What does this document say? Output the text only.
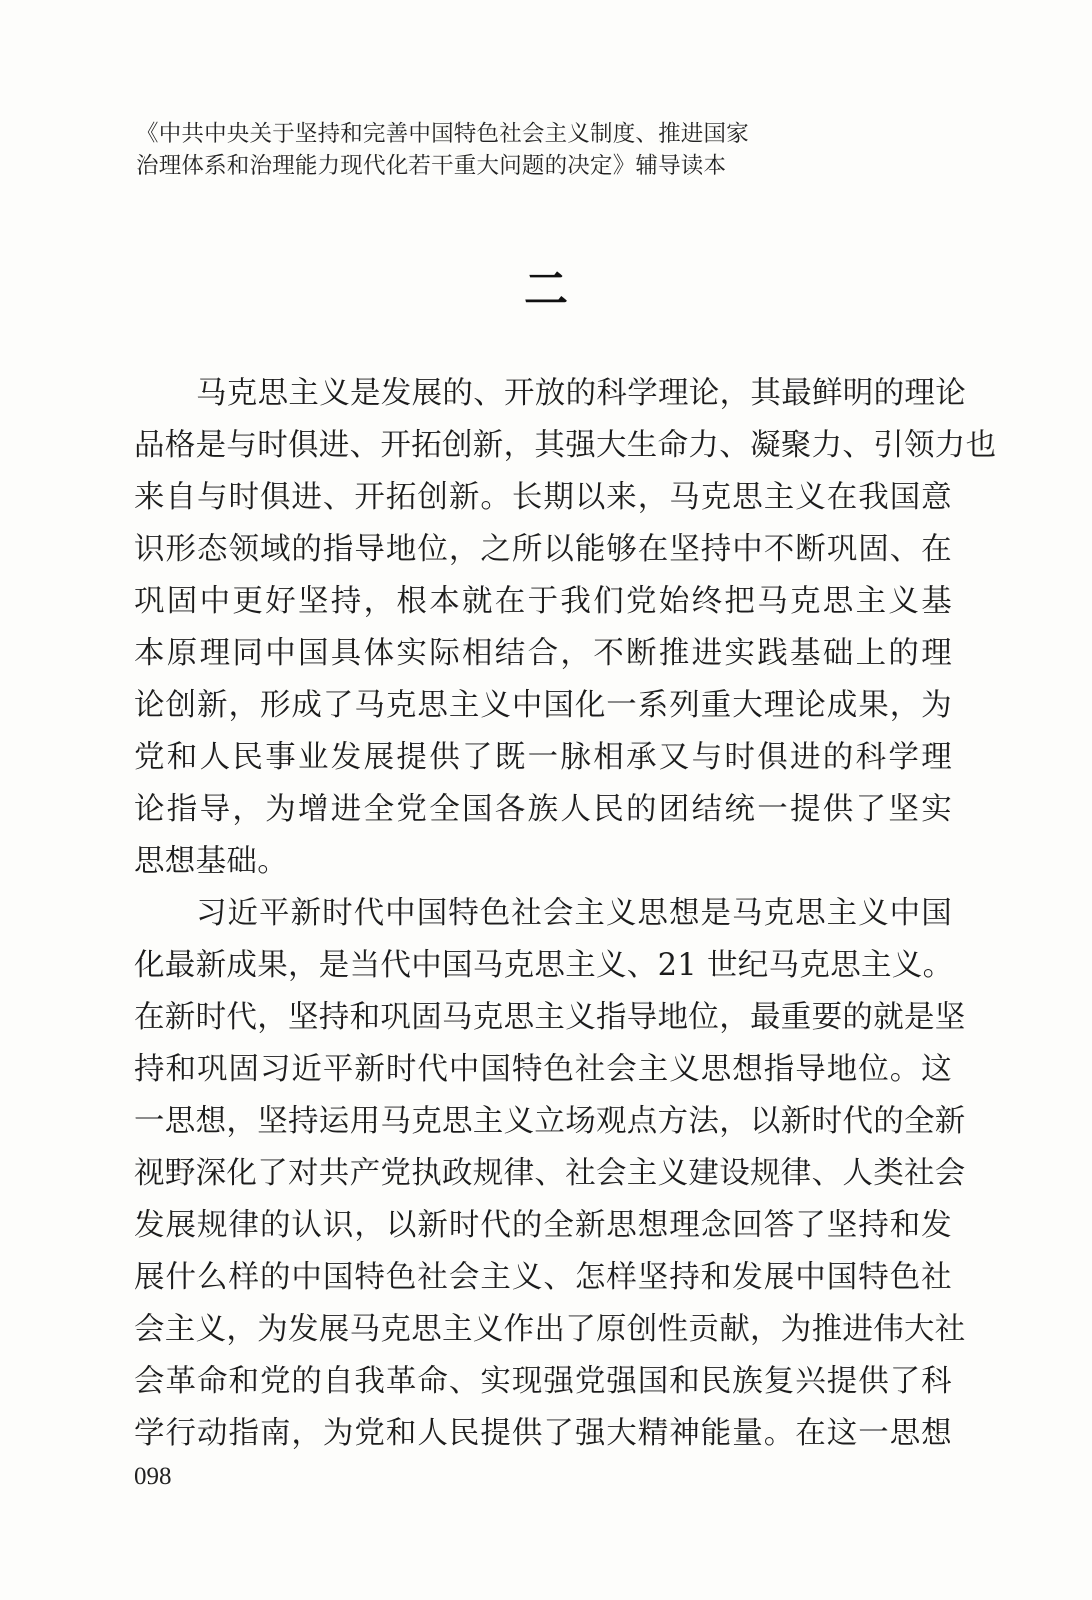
《中共中央关于坚持和完善中国特色社会主义制度、推进国家
治理体系和治理能力现代化若干重大问题的决定》辅导读本
二
马克思主义是发展的、开放的科学理论，其最鲜明的理论
品格是与时俱进、开拓创新，其强大生命力、凝聚力、引领力也
来自与时俱进、开拓创新。长期以来，马克思主义在我国意
识形态领域的指导地位，之所以能够在坚持中不断巩固、在
巩固中更好坚持，根本就在于我们党始终把马克思主义基
本原理同中国具体实际相结合，不断推进实践基础上的理
论创新，形成了马克思主义中国化一系列重大理论成果，为
党和人民事业发展提供了既一脉相承又与时俱进的科学理
论指导，为增进全党全国各族人民的团结统一提供了坚实
思想基础。
习近平新时代中国特色社会主义思想是马克思主义中国
化最新成果，是当代中国马克思主义、21 世纪马克思主义。
在新时代，坚持和巩固马克思主义指导地位，最重要的就是坚
持和巩固习近平新时代中国特色社会主义思想指导地位。这
一思想，坚持运用马克思主义立场观点方法，以新时代的全新
视野深化了对共产党执政规律、社会主义建设规律、人类社会
发展规律的认识，以新时代的全新思想理念回答了坚持和发
展什么样的中国特色社会主义、怎样坚持和发展中国特色社
会主义，为发展马克思主义作出了原创性贡献，为推进伟大社
会革命和党的自我革命、实现强党强国和民族复兴提供了科
学行动指南，为党和人民提供了强大精神能量。在这一思想
098
